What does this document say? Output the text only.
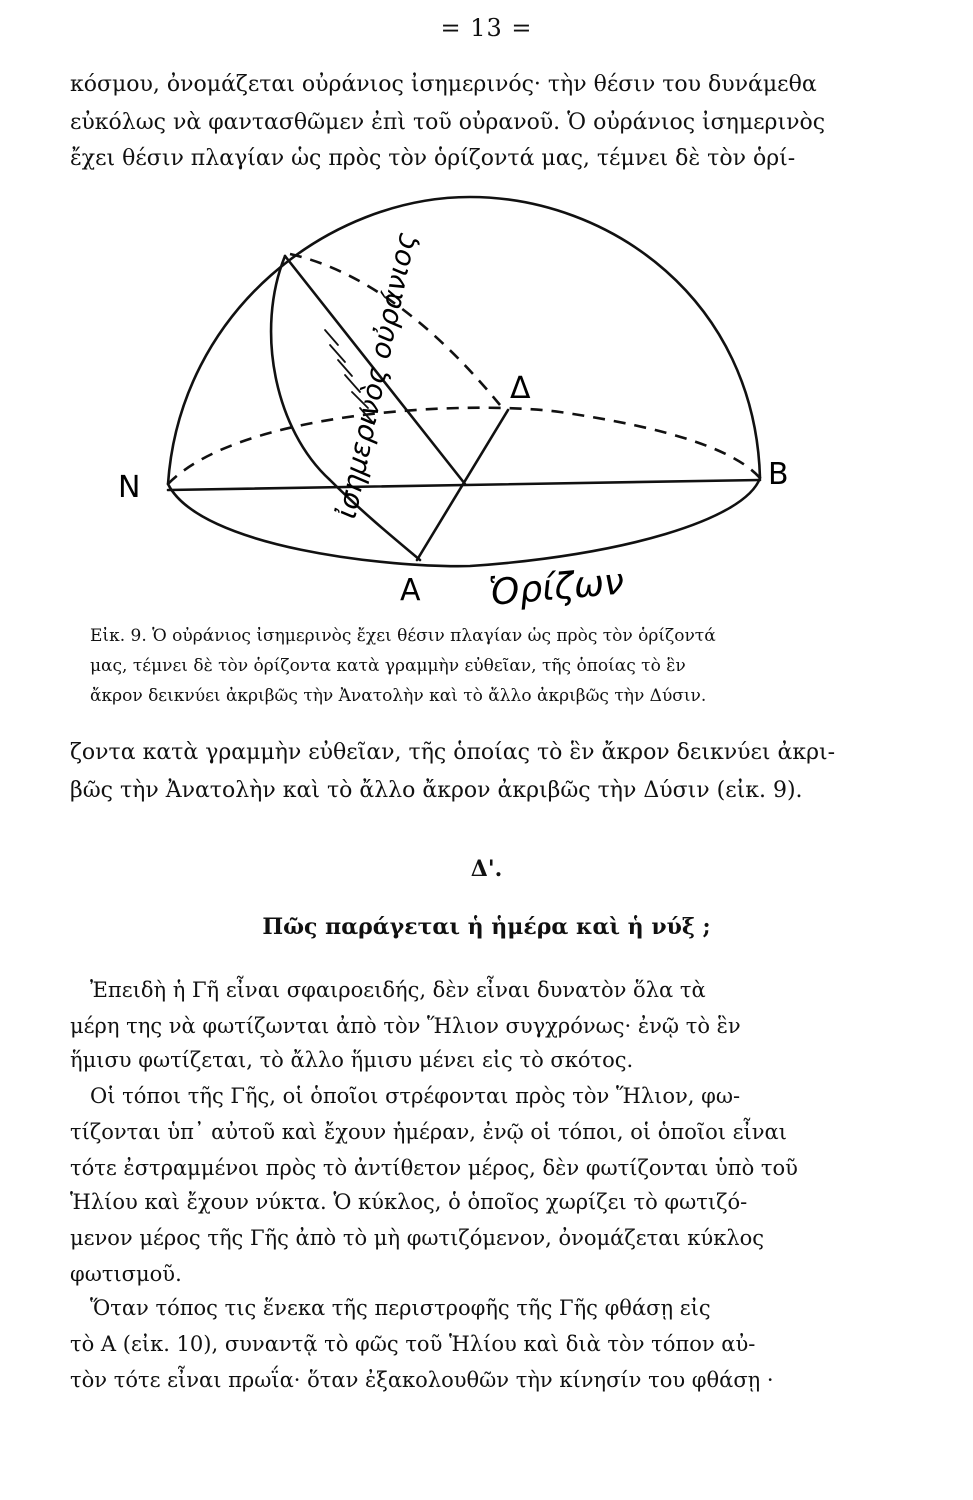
= 13 =
κόσμου, ὀνομάζεται οὐράνιος ἰσημερινός· τὴν θέσιν του δυνάμεθα
εὐκόλως νὰ φαντασθῶμεν ἐπὶ τοῦ οὐρανοῦ. Ὁ οὐράνιος ἰσημερινὸς
ἔχει θέσιν πλαγίαν ὡς πρὸς τὸν ὁρίζοντά μας, τέμνει δὲ τὸν ὁρί-
N	B
A
Δ
Ὁρίζων
ἰσημερινὸς οὐράνιος
Εἰκ. 9. Ὁ οὐράνιος ἰσημερινὸς ἔχει θέσιν πλαγίαν ὡς πρὸς τὸν ὁρίζοντά
μας, τέμνει δὲ τὸν ὁρίζοντα κατὰ γραμμὴν εὐθεῖαν, τῆς ὁποίας τὸ ἓν
ἄκρον δεικνύει ἀκριβῶς τὴν Ἀνατολὴν καὶ τὸ ἄλλο ἀκριβῶς τὴν Δύσιν.
ζοντα κατὰ γραμμὴν εὐθεῖαν, τῆς ὁποίας τὸ ἓν ἄκρον δεικνύει ἀκρι-
βῶς τὴν Ἀνατολὴν καὶ τὸ ἄλλο ἄκρον ἀκριβῶς τὴν Δύσιν (εἰκ. 9).
Δ'.
Πῶς παράγεται ἡ ἡμέρα καὶ ἡ νύξ ;
Ἐπειδὴ ἡ Γῆ εἶναι σφαιροειδής, δὲν εἶναι δυνατὸν ὅλα τὰ
μέρη της νὰ φωτίζωνται ἀπὸ τὸν Ἥλιον συγχρόνως· ἐνῷ τὸ ἓν
ἥμισυ φωτίζεται, τὸ ἄλλο ἥμισυ μένει εἰς τὸ σκότος.
Οἱ τόποι τῆς Γῆς, οἱ ὁποῖοι στρέφονται πρὸς τὸν Ἥλιον, φω-
τίζονται ὑπ᾽ αὐτοῦ καὶ ἔχουν ἡμέραν, ἐνῷ οἱ τόποι, οἱ ὁποῖοι εἶναι
τότε ἐστραμμένοι πρὸς τὸ ἀντίθετον μέρος, δὲν φωτίζονται ὑπὸ τοῦ
Ἡλίου καὶ ἔχουν νύκτα. Ὁ κύκλος, ὁ ὁποῖος χωρίζει τὸ φωτιζό-
μενον μέρος τῆς Γῆς ἀπὸ τὸ μὴ φωτιζόμενον, ὀνομάζεται κύκλος
φωτισμοῦ.
Ὅταν τόπος τις ἕνεκα τῆς περιστροφῆς τῆς Γῆς φθάσῃ εἰς
τὸ Α (εἰκ. 10), συναντᾷ τὸ φῶς τοῦ Ἡλίου καὶ διὰ τὸν τόπον αὐ-
τὸν τότε εἶναι πρωΐα· ὅταν ἐξακολουθῶν τὴν κίνησίν του φθάσῃ ·
